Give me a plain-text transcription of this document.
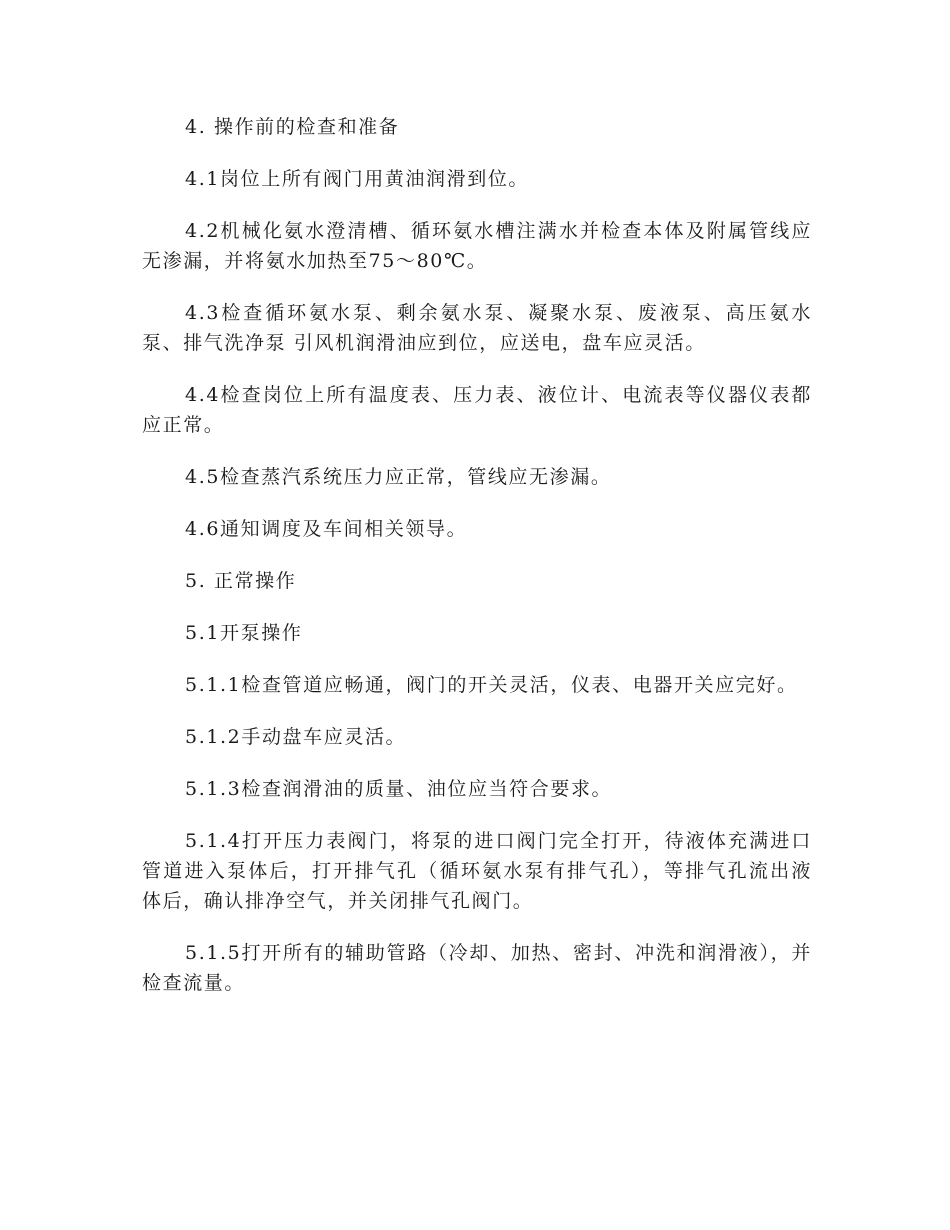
4. 操作前的检查和准备

4.1岗位上所有阀门用黄油润滑到位。

4.2机械化氨水澄清槽、循环氨水槽注满水并检查本体及附属管线应无渗漏，并将氨水加热至75～80℃。

4.3检查循环氨水泵、剩余氨水泵、凝聚水泵、废液泵、高压氨水泵、排气洗净泵 引风机润滑油应到位，应送电，盘车应灵活。

4.4检查岗位上所有温度表、压力表、液位计、电流表等仪器仪表都应正常。

4.5检查蒸汽系统压力应正常，管线应无渗漏。

4.6通知调度及车间相关领导。

5. 正常操作

5.1开泵操作

5.1.1检查管道应畅通，阀门的开关灵活，仪表、电器开关应完好。

5.1.2手动盘车应灵活。

5.1.3检查润滑油的质量、油位应当符合要求。

5.1.4打开压力表阀门，将泵的进口阀门完全打开，待液体充满进口管道进入泵体后，打开排气孔（循环氨水泵有排气孔），等排气孔流出液体后，确认排净空气，并关闭排气孔阀门。

5.1.5打开所有的辅助管路（冷却、加热、密封、冲洗和润滑液），并检查流量。
